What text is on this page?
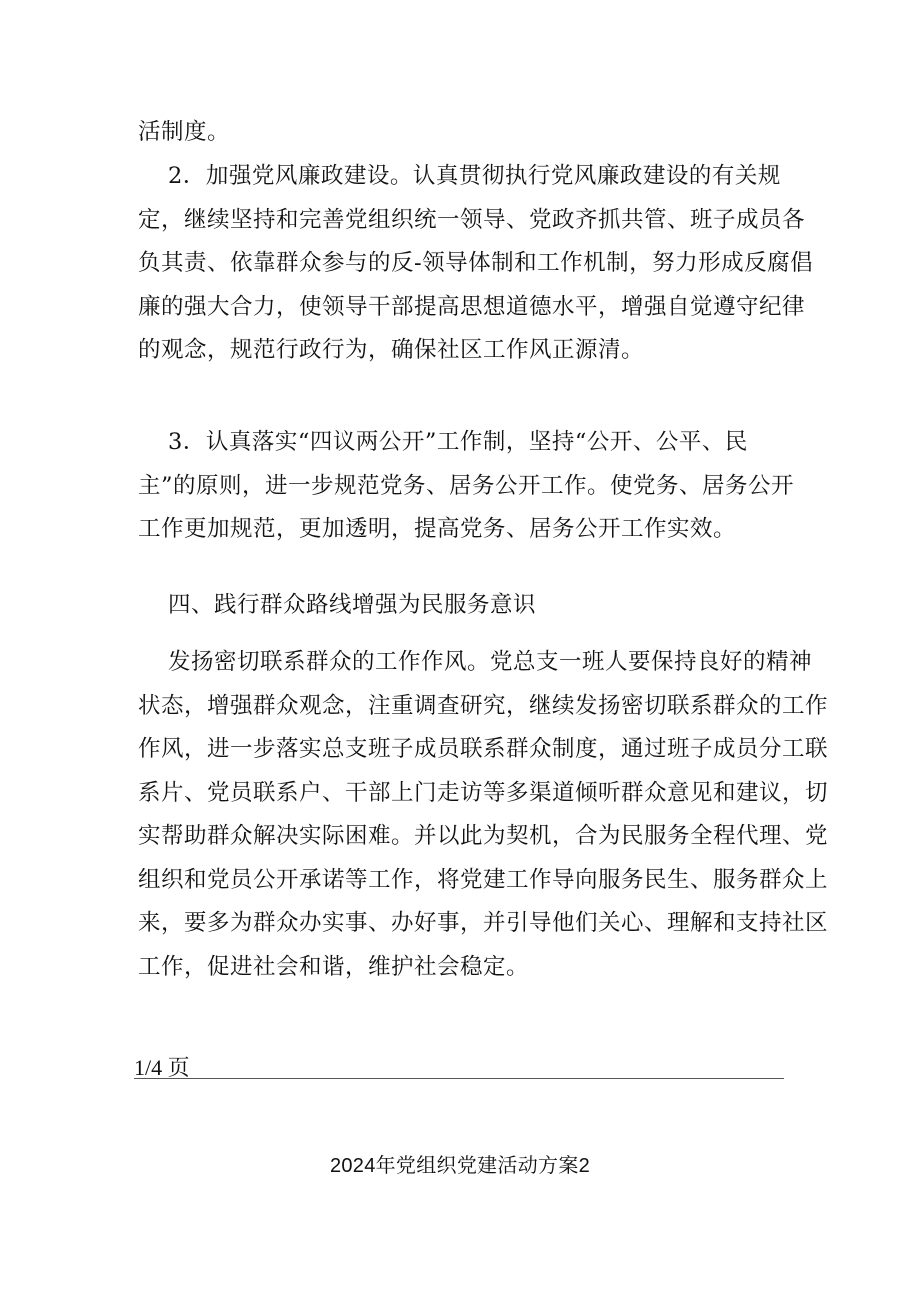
活制度。
2．加强党风廉政建设。认真贯彻执行党风廉政建设的有关规
定，继续坚持和完善党组织统一领导、党政齐抓共管、班子成员各
负其责、依靠群众参与的反-领导体制和工作机制，努力形成反腐倡
廉的强大合力，使领导干部提高思想道德水平，增强自觉遵守纪律
的观念，规范行政行为，确保社区工作风正源清。
3．认真落实“四议两公开”工作制，坚持“公开、公平、民
主”的原则，进一步规范党务、居务公开工作。使党务、居务公开
工作更加规范，更加透明，提高党务、居务公开工作实效。
四、践行群众路线增强为民服务意识
发扬密切联系群众的工作作风。党总支一班人要保持良好的精神
状态，增强群众观念，注重调查研究，继续发扬密切联系群众的工作
作风，进一步落实总支班子成员联系群众制度，通过班子成员分工联
系片、党员联系户、干部上门走访等多渠道倾听群众意见和建议，切
实帮助群众解决实际困难。并以此为契机，合为民服务全程代理、党
组织和党员公开承诺等工作，将党建工作导向服务民生、服务群众上
来，要多为群众办实事、办好事，并引导他们关心、理解和支持社区
工作，促进社会和谐，维护社会稳定。
1/4 页
2024年党组织党建活动方案2
